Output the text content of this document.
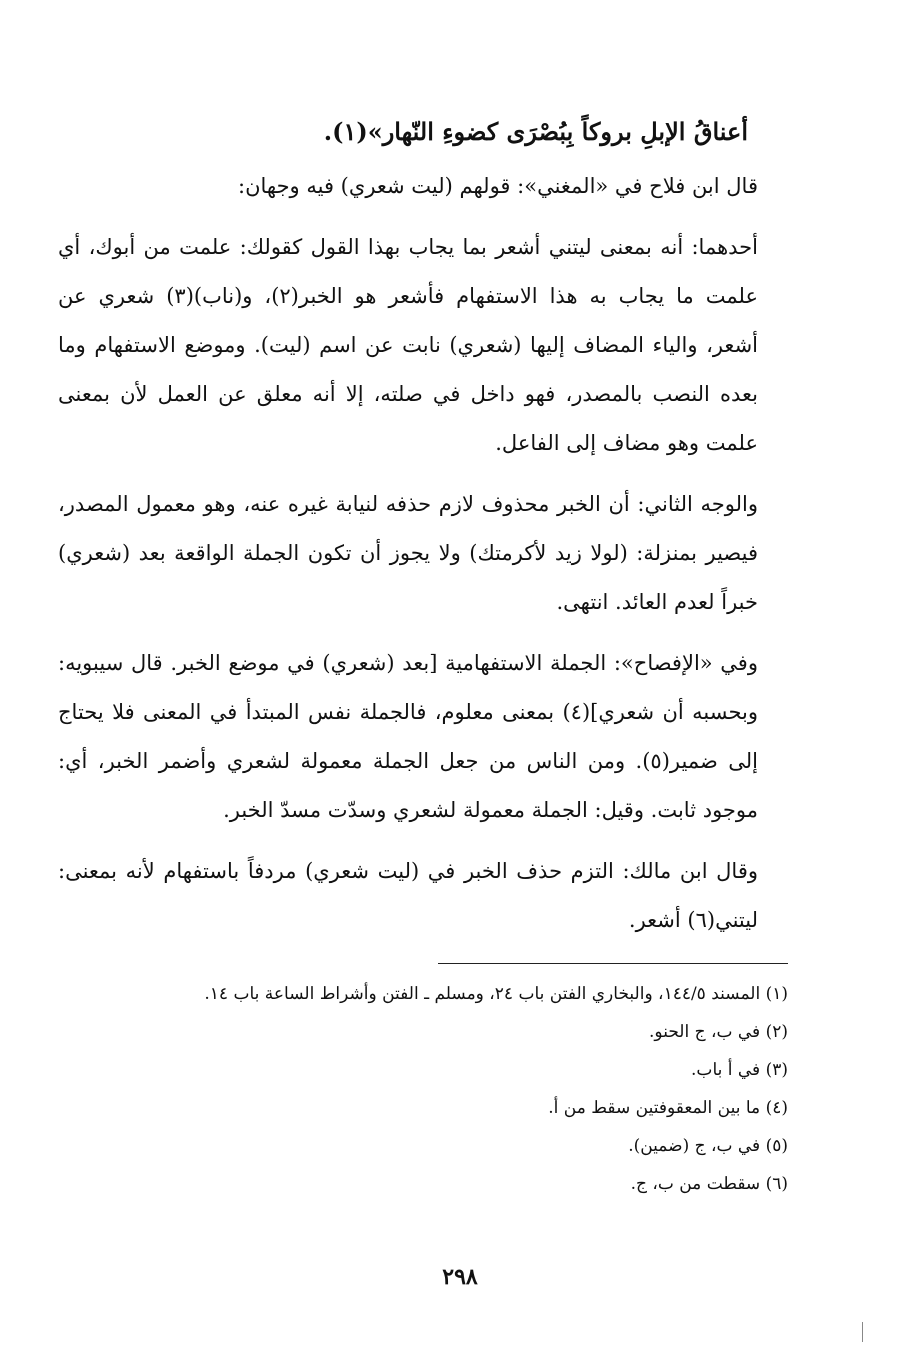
أعناقُ الإبلِ بروكاً بِبُصْرَى كضوءِ النّهار»(١).

قال ابن فلاح في «المغني»: قولهم (ليت شعري) فيه وجهان:

أحدهما: أنه بمعنى ليتني أشعر بما يجاب بهذا القول كقولك: علمت من أبوك، أي علمت ما يجاب به هذا الاستفهام فأشعر هو الخبر(٢)، و(ناب)(٣) شعري عن أشعر، والياء المضاف إليها (شعري) نابت عن اسم (ليت). وموضع الاستفهام وما بعده النصب بالمصدر، فهو داخل في صلته، إلا أنه معلق عن العمل لأن بمعنى علمت وهو مضاف إلى الفاعل.

والوجه الثاني: أن الخبر محذوف لازم حذفه لنيابة غيره عنه، وهو معمول المصدر، فيصير بمنزلة: (لولا زيد لأكرمتك) ولا يجوز أن تكون الجملة الواقعة بعد (شعري) خبراً لعدم العائد. انتهى.

وفي «الإفصاح»: الجملة الاستفهامية [بعد (شعري) في موضع الخبر. قال سيبويه: وبحسبه أن شعري](٤) بمعنى معلوم، فالجملة نفس المبتدأ في المعنى فلا يحتاج إلى ضمير(٥). ومن الناس من جعل الجملة معمولة لشعري وأضمر الخبر، أي: موجود ثابت. وقيل: الجملة معمولة لشعري وسدّت مسدّ الخبر.

وقال ابن مالك: التزم حذف الخبر في (ليت شعري) مردفاً باستفهام لأنه بمعنى: ليتني(٦) أشعر.

(١) المسند ١٤٤/٥، والبخاري الفتن باب ٢٤، ومسلم ـ الفتن وأشراط الساعة باب ١٤.

(٢) في ب، ج الحنو.

(٣) في أ باب.

(٤) ما بين المعقوفتين سقط من أ.

(٥) في ب، ج (ضمين).

(٦) سقطت من ب، ج.

٢٩٨
